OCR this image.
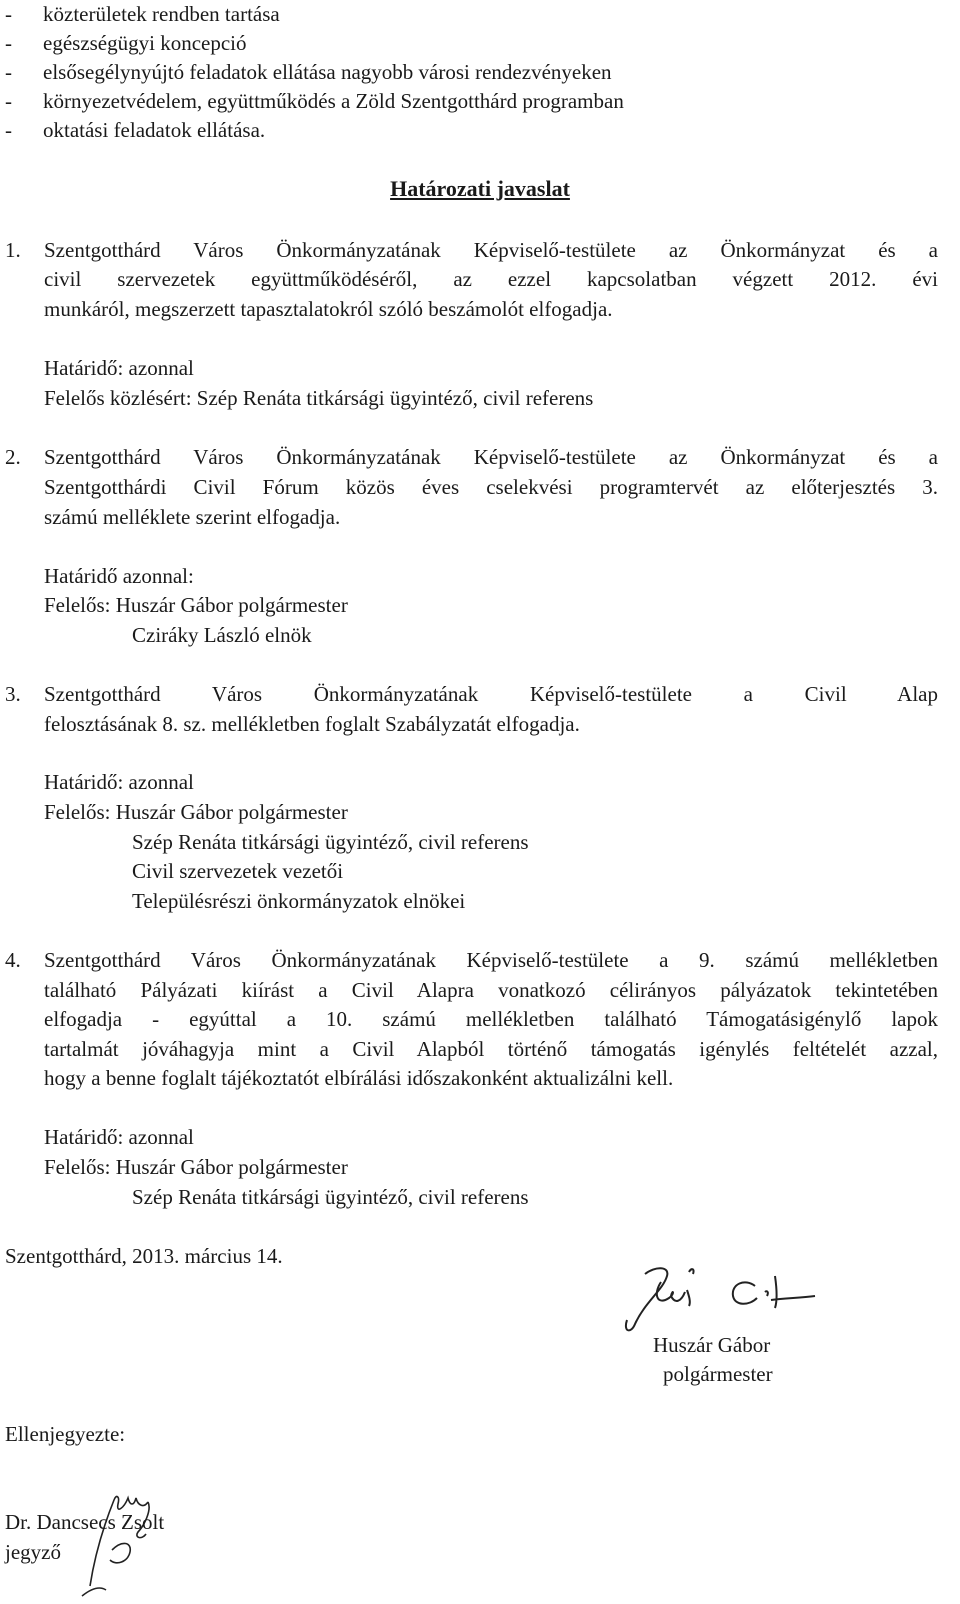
- közterületek rendben tartása
- egészségügyi koncepció
- elsősegélynyújtó feladatok ellátása nagyobb városi rendezvényeken
- környezetvédelem, együttműködés a Zöld Szentgotthárd programban
- oktatási feladatok ellátása.
Határozati javaslat
1. Szentgotthárd Város Önkormányzatának Képviselő-testülete az Önkormányzat és a
civil szervezetek együttműködéséről, az ezzel kapcsolatban végzett 2012. évi
munkáról, megszerzett tapasztalatokról szóló beszámolót elfogadja.
Határidő: azonnal
Felelős közlésért: Szép Renáta titkársági ügyintéző, civil referens
2. Szentgotthárd Város Önkormányzatának Képviselő-testülete az Önkormányzat és a
Szentgotthárdi Civil Fórum közös éves cselekvési programtervét az előterjesztés 3.
számú melléklete szerint elfogadja.
Határidő azonnal:
Felelős: Huszár Gábor polgármester
Cziráky László elnök
3. Szentgotthárd Város Önkormányzatának Képviselő-testülete a Civil Alap
felosztásának 8. sz. mellékletben foglalt Szabályzatát elfogadja.
Határidő: azonnal
Felelős: Huszár Gábor polgármester
Szép Renáta titkársági ügyintéző, civil referens
Civil szervezetek vezetői
Településrészi önkormányzatok elnökei
4. Szentgotthárd Város Önkormányzatának Képviselő-testülete a 9. számú mellékletben
található Pályázati kiírást a Civil Alapra vonatkozó célirányos pályázatok tekintetében
elfogadja - egyúttal a 10. számú mellékletben található Támogatásigénylő lapok
tartalmát jóváhagyja mint a Civil Alapból történő támogatás igénylés feltételét azzal,
hogy a benne foglalt tájékoztatót elbírálási időszakonként aktualizálni kell.
Határidő: azonnal
Felelős: Huszár Gábor polgármester
Szép Renáta titkársági ügyintéző, civil referens
Szentgotthárd, 2013. március 14.
Huszár Gábor
polgármester
Ellenjegyezte:
Dr. Dancsecs Zsolt
jegyző
